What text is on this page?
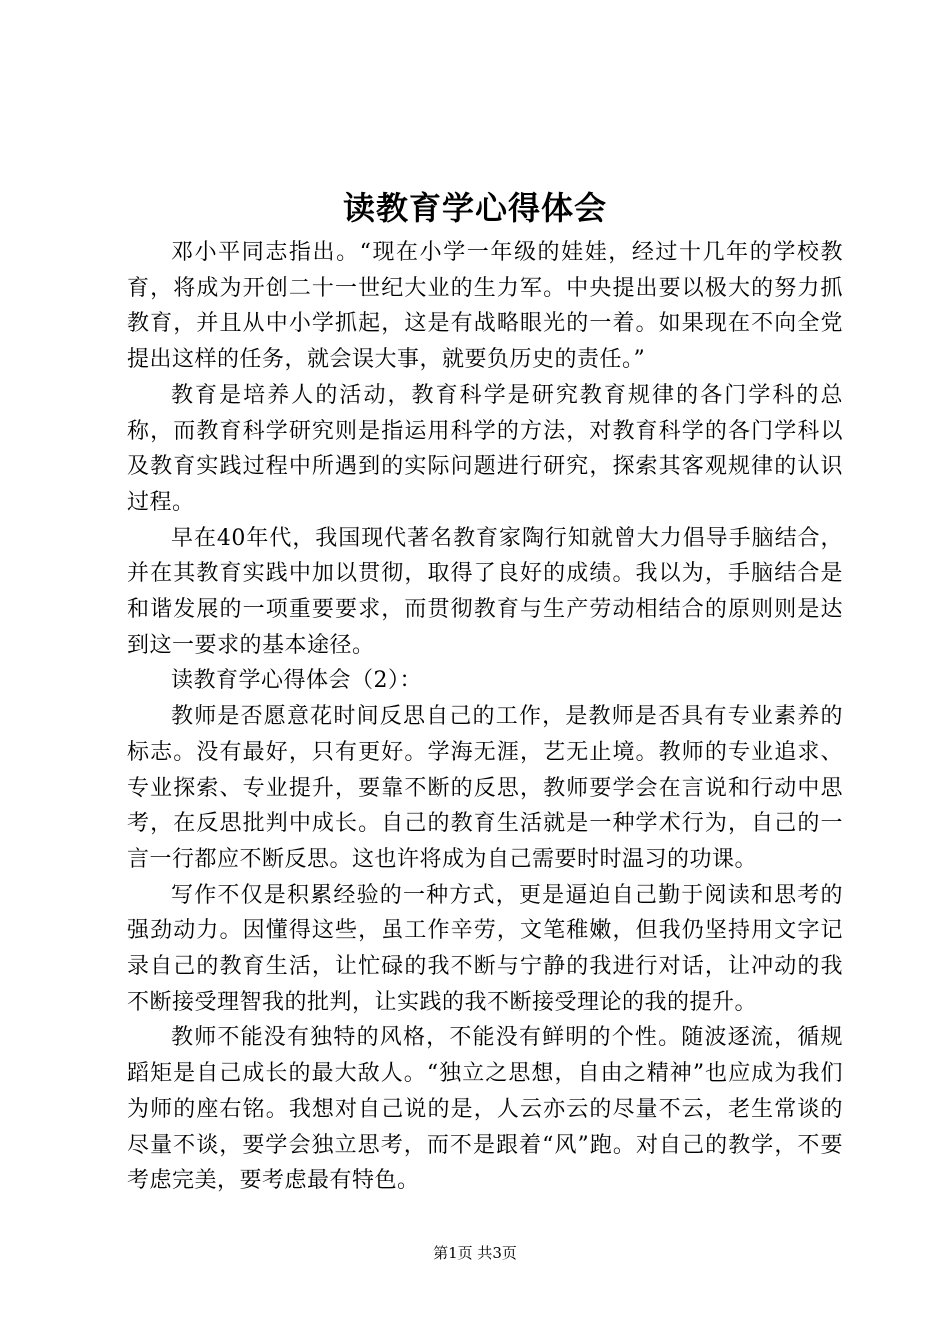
读教育学心得体会

邓小平同志指出。“现在小学一年级的娃娃，经过十几年的学校教育，将成为开创二十一世纪大业的生力军。中央提出要以极大的努力抓教育，并且从中小学抓起，这是有战略眼光的一着。如果现在不向全党提出这样的任务，就会误大事，就要负历史的责任。”

教育是培养人的活动，教育科学是研究教育规律的各门学科的总称，而教育科学研究则是指运用科学的方法，对教育科学的各门学科以及教育实践过程中所遇到的实际问题进行研究，探索其客观规律的认识过程。

早在40年代，我国现代著名教育家陶行知就曾大力倡导手脑结合，并在其教育实践中加以贯彻，取得了良好的成绩。我以为，手脑结合是和谐发展的一项重要要求，而贯彻教育与生产劳动相结合的原则则是达到这一要求的基本途径。

读教育学心得体会（2）：

教师是否愿意花时间反思自己的工作，是教师是否具有专业素养的标志。没有最好，只有更好。学海无涯，艺无止境。教师的专业追求、专业探索、专业提升，要靠不断的反思，教师要学会在言说和行动中思考，在反思批判中成长。自己的教育生活就是一种学术行为，自己的一言一行都应不断反思。这也许将成为自己需要时时温习的功课。

写作不仅是积累经验的一种方式，更是逼迫自己勤于阅读和思考的强劲动力。因懂得这些，虽工作辛劳，文笔稚嫩，但我仍坚持用文字记录自己的教育生活，让忙碌的我不断与宁静的我进行对话，让冲动的我不断接受理智我的批判，让实践的我不断接受理论的我的提升。

教师不能没有独特的风格，不能没有鲜明的个性。随波逐流，循规蹈矩是自己成长的最大敌人。“独立之思想，自由之精神”也应成为我们为师的座右铭。我想对自己说的是，人云亦云的尽量不云，老生常谈的尽量不谈，要学会独立思考，而不是跟着“风”跑。对自己的教学，不要考虑完美，要考虑最有特色。

第1页 共3页
